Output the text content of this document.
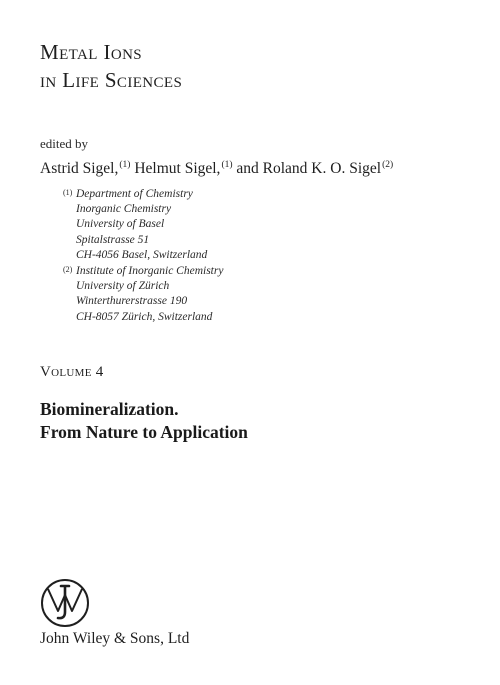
Metal Ions
in Life Sciences
edited by
Astrid Sigel,$^{(1)}$ Helmut Sigel,$^{(1)}$ and Roland K. O. Sigel$^{(2)}$
(1) Department of Chemistry
Inorganic Chemistry
University of Basel
Spitalstrasse 51
CH-4056 Basel, Switzerland
(2) Institute of Inorganic Chemistry
University of Zürich
Winterthurerstrasse 190
CH-8057 Zürich, Switzerland
Volume 4
Biomineralization.
From Nature to Application
John Wiley & Sons, Ltd
